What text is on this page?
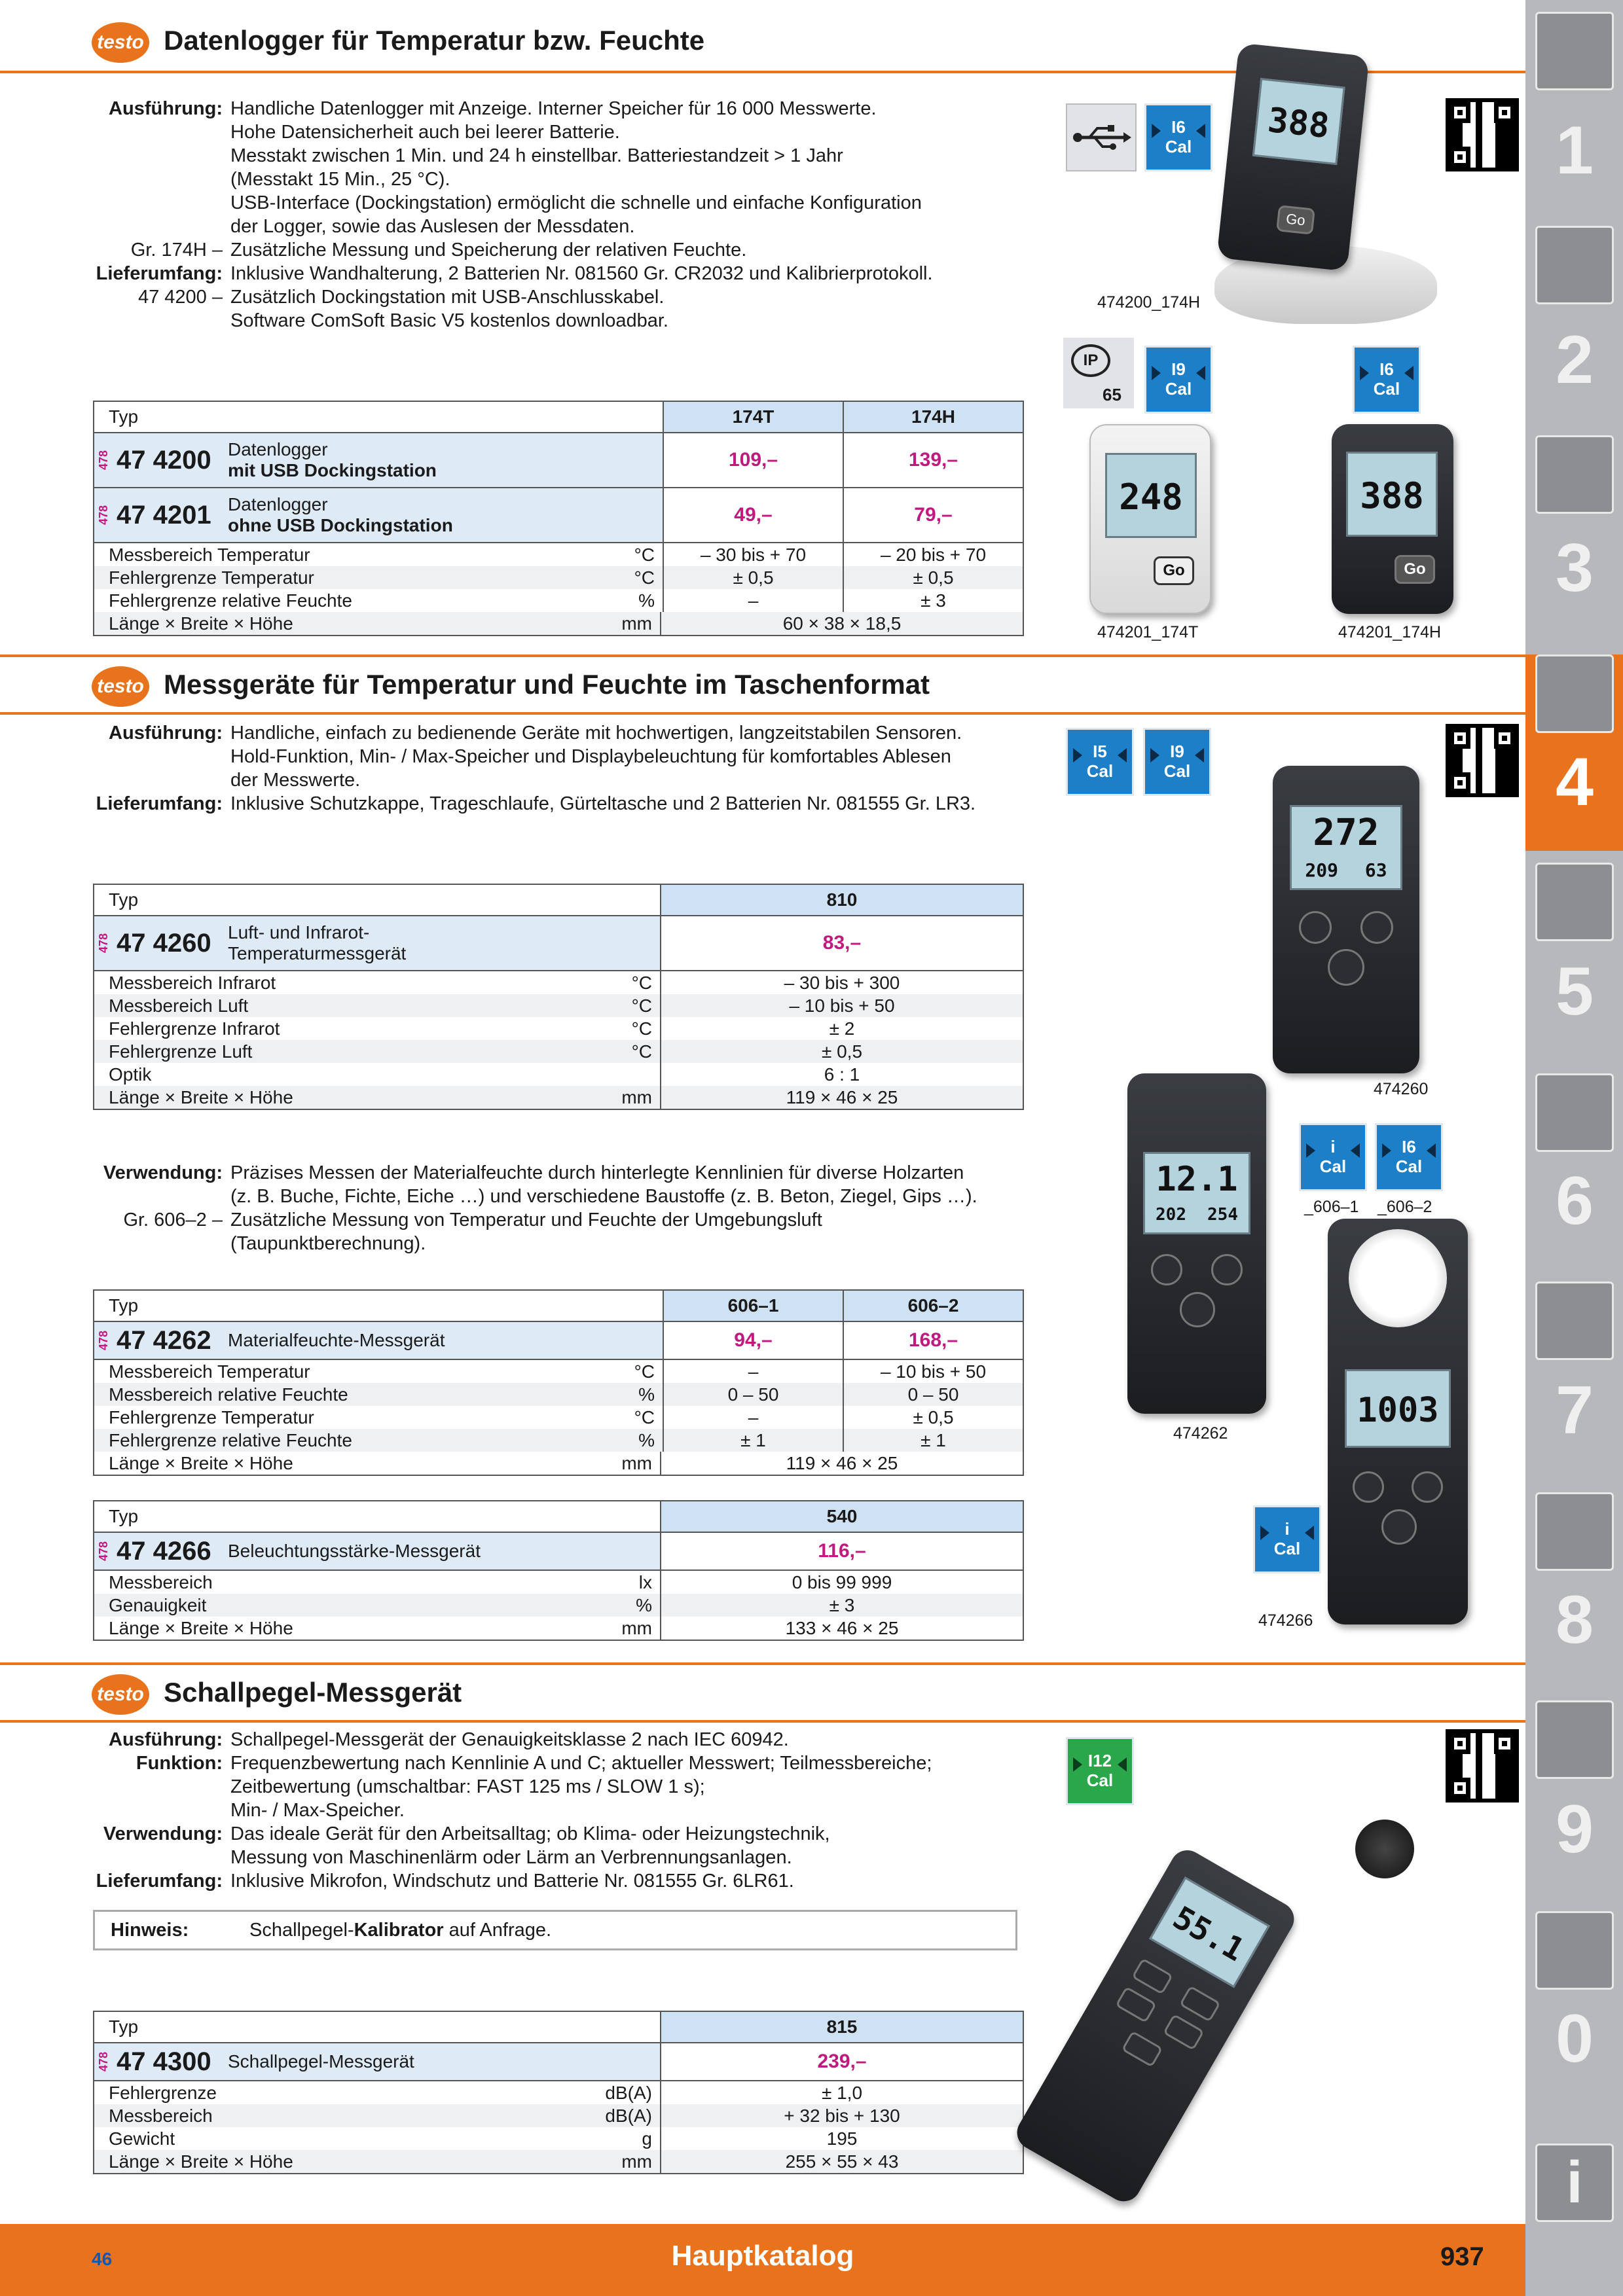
testo Datenlogger für Temperatur bzw. Feuchte
Ausführung: Handliche Datenlogger mit Anzeige. Interner Speicher für 16 000 Messwerte.
Hohe Datensicherheit auch bei leerer Batterie.
Messtakt zwischen 1 Min. und 24 h einstellbar. Batteriestandzeit > 1 Jahr
(Messtakt 15 Min., 25 °C).
USB-Interface (Dockingstation) ermöglicht die schnelle und einfache Konfiguration
der Logger, sowie das Auslesen der Messdaten.
Gr. 174H – Zusätzliche Messung und Speicherung der relativen Feuchte.
Lieferumfang: Inklusive Wandhalterung, 2 Batterien Nr. 081560 Gr. CR2032 und Kalibrierprotokoll.
47 4200 – Zusätzlich Dockingstation mit USB-Anschlusskabel.
Software ComSoft Basic V5 kostenlos downloadbar.
Typ	174T	174H
478 47 4200 Datenlogger
mit USB Dockingstation	109,–	139,–
478 47 4201 Datenlogger
ohne USB Dockingstation	49,–	79,–
Messbereich Temperatur	°C	– 30 bis + 70	– 20 bis + 70
Fehlergrenze Temperatur	°C	± 0,5	± 0,5
Fehlergrenze relative Feuchte	%	–	± 3
Länge × Breite × Höhe	mm	60 × 38 × 18,5
testo Messgeräte für Temperatur und Feuchte im Taschenformat
Ausführung: Handliche, einfach zu bedienende Geräte mit hochwertigen, langzeitstabilen Sensoren.
Hold-Funktion, Min- / Max-Speicher und Displaybeleuchtung für komfortables Ablesen
der Messwerte.
Lieferumfang: Inklusive Schutzkappe, Trageschlaufe, Gürteltasche und 2 Batterien Nr. 081555 Gr. LR3.
Typ	810
478 47 4260 Luft- und Infrarot-
Temperaturmessgerät	83,–
Messbereich Infrarot	°C	– 30 bis + 300
Messbereich Luft	°C	– 10 bis + 50
Fehlergrenze Infrarot	°C	± 2
Fehlergrenze Luft	°C	± 0,5
Optik	6 : 1
Länge × Breite × Höhe	mm	119 × 46 × 25
Verwendung: Präzises Messen der Materialfeuchte durch hinterlegte Kennlinien für diverse Holzarten
(z. B. Buche, Fichte, Eiche …) und verschiedene Baustoffe (z. B. Beton, Ziegel, Gips …).
Gr. 606–2 – Zusätzliche Messung von Temperatur und Feuchte der Umgebungsluft
(Taupunktberechnung).
Typ	606–1	606–2
478 47 4262 Materialfeuchte-Messgerät	94,–	168,–
Messbereich Temperatur	°C	–	– 10 bis + 50
Messbereich relative Feuchte	%	0 – 50	0 – 50
Fehlergrenze Temperatur	°C	–	± 0,5
Fehlergrenze relative Feuchte	%	± 1	± 1
Länge × Breite × Höhe	mm	119 × 46 × 25
Typ	540
478 47 4266 Beleuchtungsstärke-Messgerät	116,–
Messbereich	lx	0 bis 99 999
Genauigkeit	%	± 3
Länge × Breite × Höhe	mm	133 × 46 × 25
testo Schallpegel-Messgerät
Ausführung: Schallpegel-Messgerät der Genauigkeitsklasse 2 nach IEC 60942.
Funktion: Frequenzbewertung nach Kennlinie A und C; aktueller Messwert; Teilmessbereiche;
Zeitbewertung (umschaltbar: FAST 125 ms / SLOW 1 s);
Min- / Max-Speicher.
Verwendung: Das ideale Gerät für den Arbeitsalltag; ob Klima- oder Heizungstechnik,
Messung von Maschinenlärm oder Lärm an Verbrennungsanlagen.
Lieferumfang: Inklusive Mikrofon, Windschutz und Batterie Nr. 081555 Gr. 6LR61.
Hinweis:	Schallpegel-Kalibrator auf Anfrage.
Typ	815
478 47 4300 Schallpegel-Messgerät	239,–
Fehlergrenze	dB(A)	± 1,0
Messbereich	dB(A)	+ 32 bis + 130
Gewicht	g	195
Länge × Breite × Höhe	mm	255 × 55 × 43
I6
Cal
388
Go
474200_174H
IP
65
I9
Cal
I6
Cal
248
Go
474201_174T
388
Go
474201_174H
I5
Cal
I9
Cal
272
209 63
474260
12.1
202 254
474262
i
Cal
I6
Cal
_606–1 _606–2
1003
i
Cal
474266
I12
Cal
55.1
1
2
3
4
5
6
7
8
9
0
i
46	Hauptkatalog	937
